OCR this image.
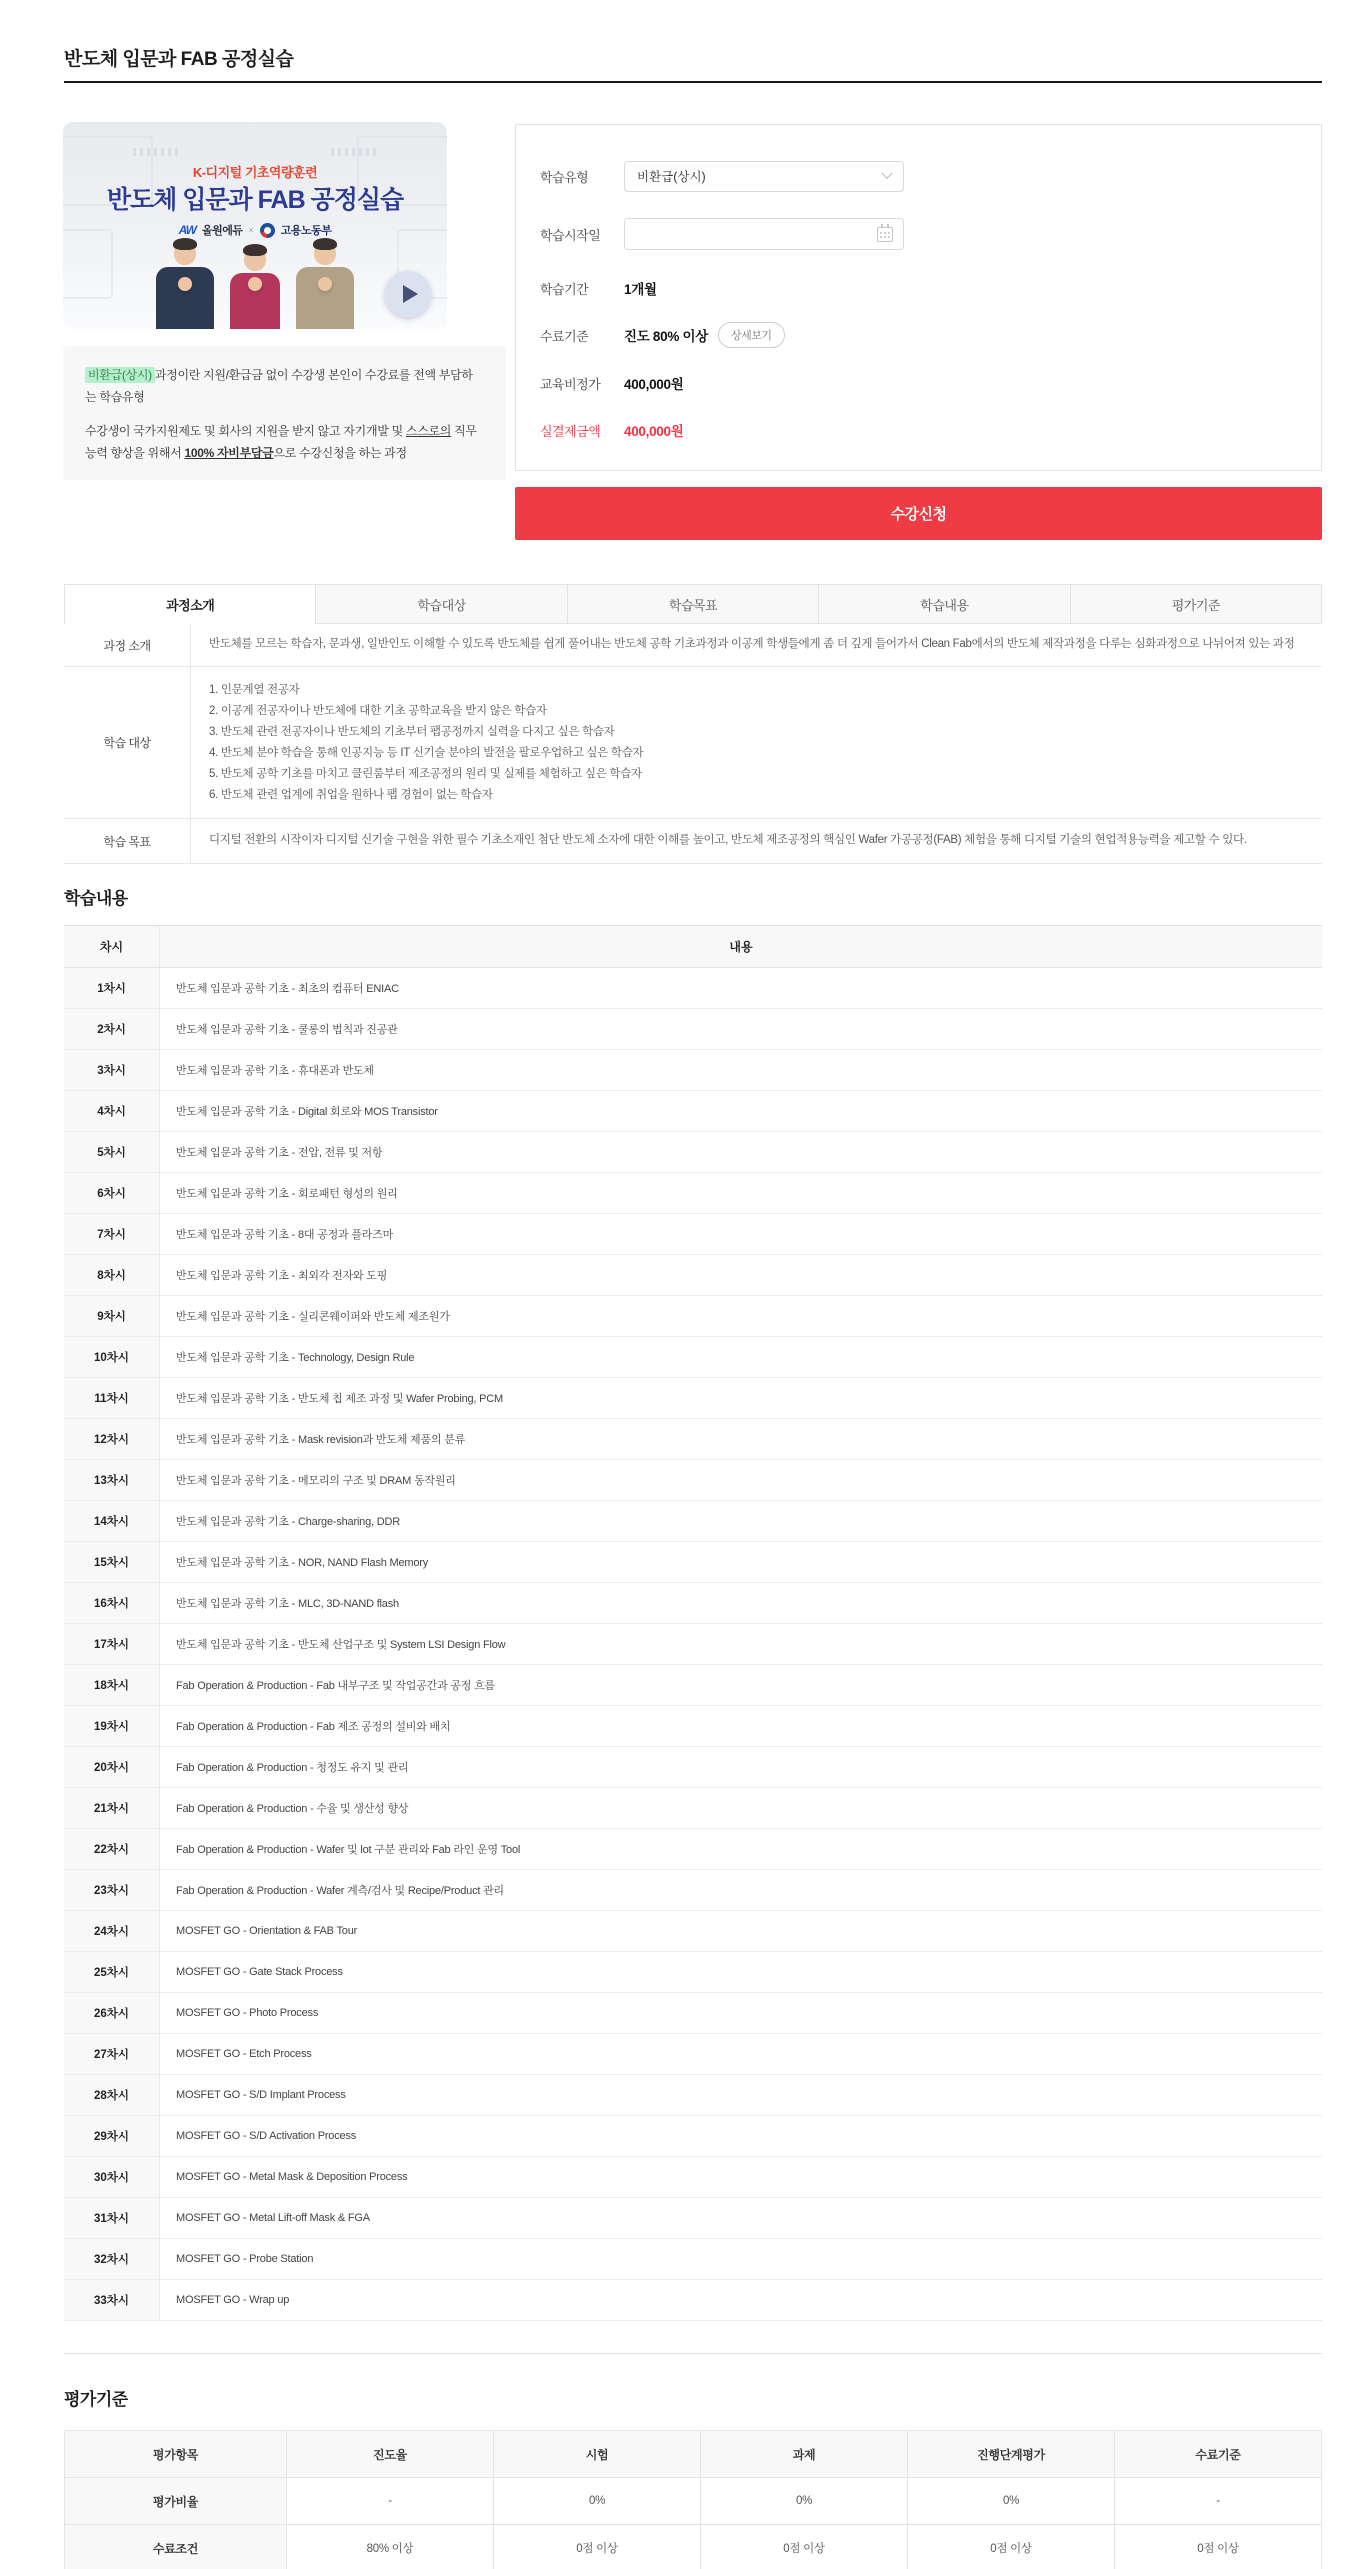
반도체 입문과 FAB 공정실습
K-디지털 기초역량훈련
반도체 입문과 FAB 공정실습
AW 올원에듀 × 고용노동부

비환급(상시) 과정이란 지원/환급금 없이 수강생 본인이 수강료를 전액 부담하는 학습유형

수강생이 국가지원제도 및 회사의 지원을 받지 않고 자기개발 및 스스로의 직무능력 향상을 위해서 100% 자비부담금으로 수강신청을 하는 과정

학습유형	비환급(상시)
학습시작일
학습기간	1개월
수료기준	진도 80% 이상	상세보기
교육비정가	400,000원
실결제금액	400,000원
수강신청
과정소개	학습대상	학습목표	학습내용	평가기준
과정 소개	반도체를 모르는 학습자, 문과생, 일반인도 이해할 수 있도록 반도체를 쉽게 풀어내는 반도체 공학 기초과정과 이공계 학생들에게 좀 더 깊게 들어가서 Clean Fab에서의 반도체 제작과정을 다루는 심화과정으로 나뉘어져 있는 과정
학습 대상
1. 인문계열 전공자
2. 이공계 전공자이나 반도체에 대한 기초 공학교육을 받지 않은 학습자
3. 반도체 관련 전공자이나 반도체의 기초부터 팹공정까지 실력을 다지고 싶은 학습자
4. 반도체 분야 학습을 통해 인공지능 등 IT 신기술 분야의 발전을 팔로우업하고 싶은 학습자
5. 반도체 공학 기초를 마치고 클린룸부터 제조공정의 원리 및 실제를 체험하고 싶은 학습자
6. 반도체 관련 업계에 취업을 원하나 팹 경험이 없는 학습자
학습 목표	디지털 전환의 시작이자 디지털 신기술 구현을 위한 필수 기초소재인 첨단 반도체 소자에 대한 이해를 높이고, 반도체 제조공정의 핵심인 Wafer 가공공정(FAB) 체험을 통해 디지털 기술의 현업적용능력을 제고할 수 있다.
학습내용
차시	내용
1차시	반도체 입문과 공학 기초 - 최초의 컴퓨터 ENIAC
2차시	반도체 입문과 공학 기초 - 쿨롱의 법칙과 진공관
3차시	반도체 입문과 공학 기초 - 휴대폰과 반도체
4차시	반도체 입문과 공학 기초 - Digital 회로와 MOS Transistor
5차시	반도체 입문과 공학 기초 - 전압, 전류 및 저항
6차시	반도체 입문과 공학 기초 - 회로패턴 형성의 원리
7차시	반도체 입문과 공학 기초 - 8대 공정과 플라즈마
8차시	반도체 입문과 공학 기초 - 최외각 전자와 도핑
9차시	반도체 입문과 공학 기초 - 실리콘웨이퍼와 반도체 제조원가
10차시	반도체 입문과 공학 기초 - Technology, Design Rule
11차시	반도체 입문과 공학 기초 - 반도체 칩 제조 과정 및 Wafer Probing, PCM
12차시	반도체 입문과 공학 기초 - Mask revision과 반도체 제품의 분류
13차시	반도체 입문과 공학 기초 - 메모리의 구조 및 DRAM 동작원리
14차시	반도체 입문과 공학 기초 - Charge-sharing, DDR
15차시	반도체 입문과 공학 기초 - NOR, NAND Flash Memory
16차시	반도체 입문과 공학 기초 - MLC, 3D-NAND flash
17차시	반도체 입문과 공학 기초 - 반도체 산업구조 및 System LSI Design Flow
18차시	Fab Operation & Production - Fab 내부구조 및 작업공간과 공정 흐름
19차시	Fab Operation & Production - Fab 제조 공정의 설비와 배치
20차시	Fab Operation & Production - 청정도 유지 및 관리
21차시	Fab Operation & Production - 수율 및 생산성 향상
22차시	Fab Operation & Production - Wafer 및 lot 구분 관리와 Fab 라인 운영 Tool
23차시	Fab Operation & Production - Wafer 계측/검사 및 Recipe/Product 관리
24차시	MOSFET GO - Orientation & FAB Tour
25차시	MOSFET GO - Gate Stack Process
26차시	MOSFET GO - Photo Process
27차시	MOSFET GO - Etch Process
28차시	MOSFET GO - S/D Implant Process
29차시	MOSFET GO - S/D Activation Process
30차시	MOSFET GO - Metal Mask & Deposition Process
31차시	MOSFET GO - Metal Lift-off Mask & FGA
32차시	MOSFET GO - Probe Station
33차시	MOSFET GO - Wrap up
평가기준
평가항목	진도율	시험	과제	진행단계평가	수료기준
평가비율	-	0%	0%	0%	-
수료조건	80% 이상	0점 이상	0점 이상	0점 이상	0점 이상
